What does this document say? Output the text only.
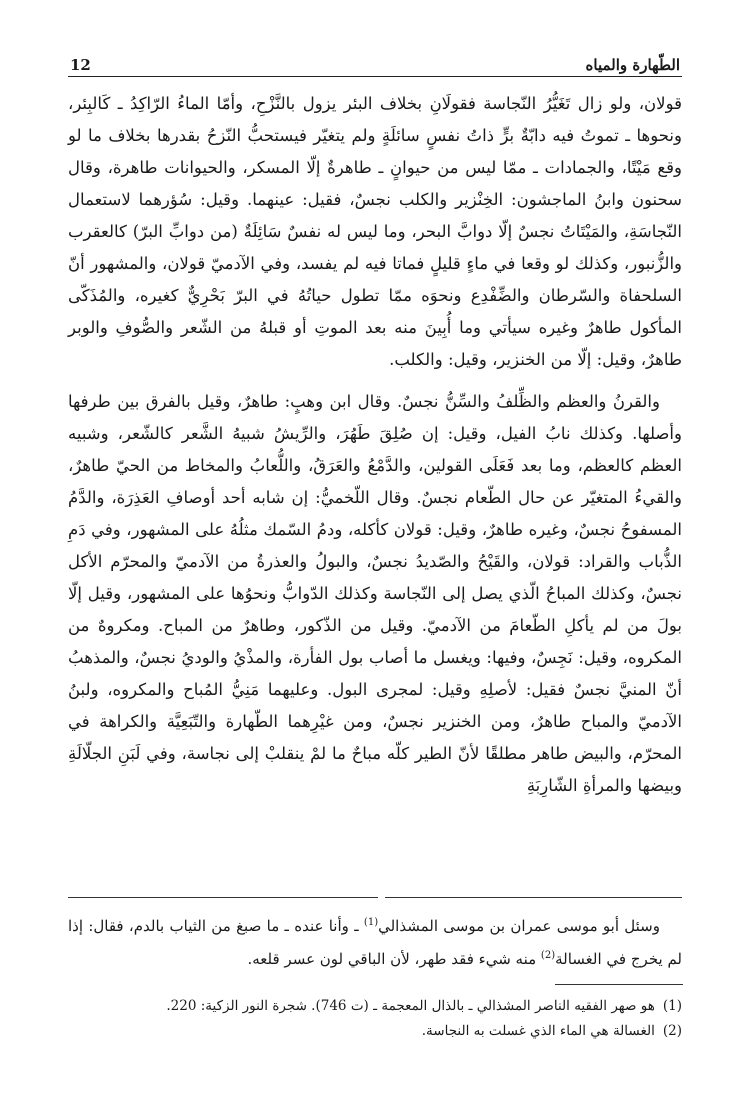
الطّهارة والمياه
12

قولان، ولو زال تَغَيُّرُ النّجاسة فقولَانِ بخلاف البئر يزول بالنَّزْحِ، وأمّا الماءُ الرّاكِدُ ـ كَالبِئر، ونحوها ـ تموتُ فيه دابّةٌ برٍّ ذاتُ نفسٍ سائلَةٍ ولم يتغيّر فيستحبُّ النّزحُ بقدرها بخلاف ما لو وقع مَيْتًا، والجمادات ـ ممّا ليس من حيوانٍ ـ طاهرةٌ إلّا المسكر، والحيوانات طاهرة، وقال سحنون وابنُ الماجشون: الخِنْزير والكلب نجسٌ، فقيل: عينهما. وقيل: سُؤرهما لاستعمال النّجاسَةِ، والمَيْتَاتُ نجسٌ إلّا دوابَّ البحر، وما ليس له نفسٌ سَائِلَةٌ (من دوابِّ البرّ) كالعقرب والزُّنبور، وكذلك لو وقعا في ماءٍ قليلٍ فماتا فيه لم يفسد، وفي الآدميّ قولان، والمشهور أنّ السلحفاة والسّرطان والضِّفْدِع ونحوَه ممّا تطول حياتُهُ في البرّ بَحْرِيٌّ كغيره، والمُذَكّى المأكول طاهرٌ وغيره سيأتي وما أُبِينَ منه بعد الموتِ أو قبلهُ من الشّعر والصُّوفِ والوبر طاهرٌ، وقيل: إلّا من الخنزير، وقيل: والكلب.

والقرنُ والعظم والظِّلفُ والسِّنُّ نجسٌ. وقال ابن وهبٍ: طاهرٌ، وقيل بالفرق بين طرفها وأصلها. وكذلك نابُ الفيل، وقيل: إن صُلِقَ طَهُرَ، والرِّيشُ شبيهُ الشَّعر كالشّعر، وشبيه العظم كالعظم، وما بعد فَعَلَى القولين، والدَّمْعُ والعَرَقُ، واللُّعابُ والمخاط من الحيّ طاهرٌ، والقيءُ المتغيّر عن حال الطّعام نجسٌ. وقال اللّخميُّ: إن شابه أحد أوصافِ العَذِرَة، والدَّمُ المسفوحُ نجسٌ، وغيره طاهرٌ، وقيل: قولان كأكله، ودمُ السّمك مثلُهُ على المشهور، وفي دَمِ الذُّباب والقراد: قولان، والقَيْحُ والصّديدُ نجسٌ، والبولُ والعذرةُ من الآدميّ والمحرّم الأكل نجسٌ، وكذلك المباحُ الّذي يصل إلى النّجاسة وكذلك الدّوابُّ ونحوُها على المشهور، وقيل إلّا بولَ من لم يأكلِ الطّعامَ من الآدميّ. وقيل من الذّكور، وطاهرٌ من المباح. ومكروهٌ من المكروه، وقيل: نَجِسٌ، وفيها: ويغسل ما أصاب بول الفأرة، والمذْيُ والوديُ نجسٌ، والمذهبُ أنّ المنيَّ نجسٌ فقيل: لأصلِهِ وقيل: لمجرى البول. وعليهما مَنِيُّ المُباح والمكروه، ولبنُ الآدميّ والمباح طاهرٌ، ومن الخنزير نجسٌ، ومن غيْرِهما الطّهارة والتّبَعِيَّة والكراهة في المحرّم، والبيض طاهر مطلقًا لأنّ الطير كلّه مباحٌ ما لمْ ينقلبْ إلى نجاسة، وفي لَبَنِ الجلّالَةِ وبيضها والمرأةِ الشّارِبَةِ

وسئل أبو موسى عمران بن موسى المشذالي$^{(1)}$ ـ وأنا عنده ـ ما صبغ من الثياب بالدم، فقال: إذا لم يخرج في الغسالة$^{(2)}$ منه شيء فقد طهر، لأن الباقي لون عسر قلعه.

(1)
هو صهر الفقيه الناصر المشذالي ـ بالذال المعجمة ـ (ت 746). شجرة النور الزكية: 220.
(2)
الغسالة هي الماء الذي غسلت به النجاسة.
